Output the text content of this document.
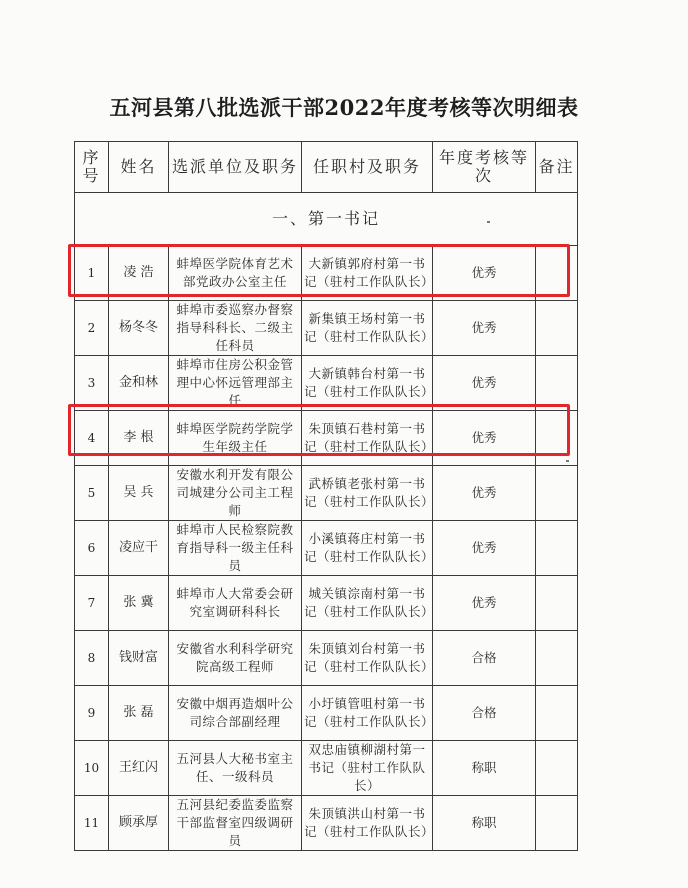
五河县第八批选派干部2022年度考核等次明细表
序号	姓名	选派单位及职务	任职村及职务	年度考核等次	备注
一、第一书记					
1	凌 浩	蚌埠医学院体育艺术部党政办公室主任	大新镇郭府村第一书记（驻村工作队队长）	优秀	
2	杨冬冬	蚌埠市委巡察办督察指导科科长、二级主任科员	新集镇王场村第一书记（驻村工作队队长）	优秀	
3	金和林	蚌埠市住房公积金管理中心怀远管理部主任	大新镇韩台村第一书记（驻村工作队队长）	优秀	
4	李 根	蚌埠医学院药学院学生年级主任	朱顶镇石巷村第一书记（驻村工作队队长）	优秀	
5	吴 兵	安徽水利开发有限公司城建分公司主工程师	武桥镇老张村第一书记（驻村工作队队长）	优秀	
6	凌应干	蚌埠市人民检察院教育指导科一级主任科员	小溪镇蒋庄村第一书记（驻村工作队队长）	优秀	
7	张 冀	蚌埠市人大常委会研究室调研科科长	城关镇淙南村第一书记（驻村工作队队长）	优秀	
8	钱财富	安徽省水利科学研究院高级工程师	朱顶镇刘台村第一书记（驻村工作队队长）	合格	
9	张 磊	安徽中烟再造烟叶公司综合部副经理	小圩镇管咀村第一书记（驻村工作队队长）	合格	
10	王红闪	五河县人大秘书室主任、一级科员	双忠庙镇柳湖村第一书记（驻村工作队队长）	称职	
11	顾承厚	五河县纪委监委监察干部监督室四级调研员	朱顶镇洪山村第一书记（驻村工作队队长）	称职	
